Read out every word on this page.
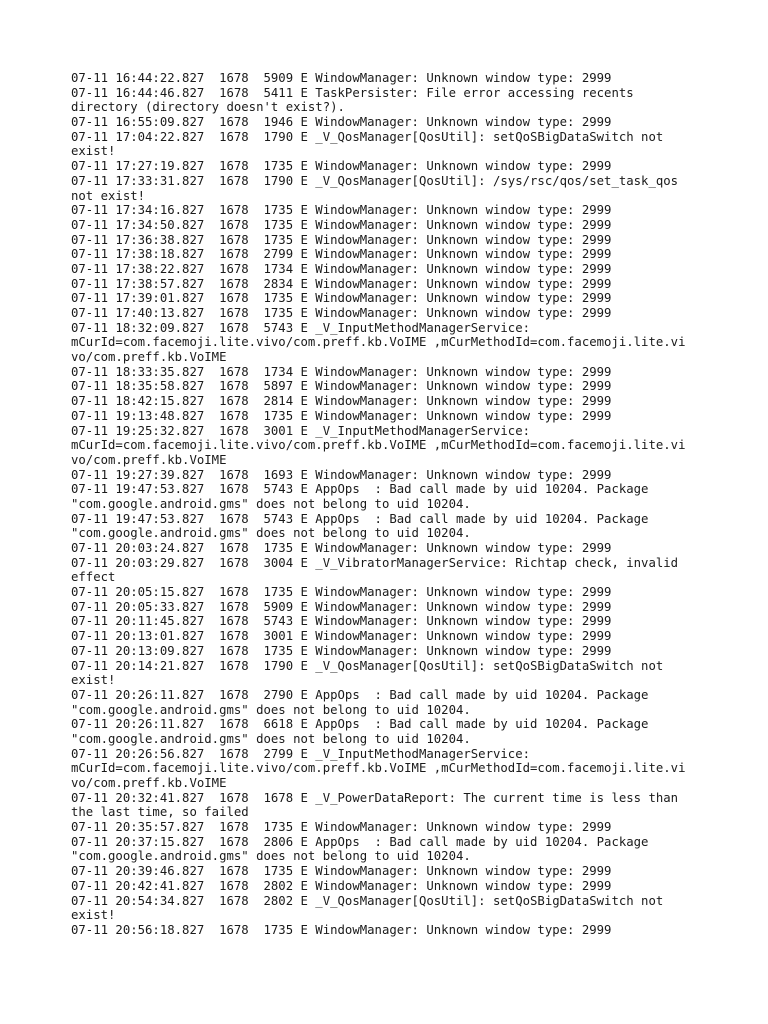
07-11 16:44:22.827  1678  5909 E WindowManager: Unknown window type: 2999
07-11 16:44:46.827  1678  5411 E TaskPersister: File error accessing recents
directory (directory doesn't exist?).
07-11 16:55:09.827  1678  1946 E WindowManager: Unknown window type: 2999
07-11 17:04:22.827  1678  1790 E _V_QosManager[QosUtil]: setQoSBigDataSwitch not
exist!
07-11 17:27:19.827  1678  1735 E WindowManager: Unknown window type: 2999
07-11 17:33:31.827  1678  1790 E _V_QosManager[QosUtil]: /sys/rsc/qos/set_task_qos
not exist!
07-11 17:34:16.827  1678  1735 E WindowManager: Unknown window type: 2999
07-11 17:34:50.827  1678  1735 E WindowManager: Unknown window type: 2999
07-11 17:36:38.827  1678  1735 E WindowManager: Unknown window type: 2999
07-11 17:38:18.827  1678  2799 E WindowManager: Unknown window type: 2999
07-11 17:38:22.827  1678  1734 E WindowManager: Unknown window type: 2999
07-11 17:38:57.827  1678  2834 E WindowManager: Unknown window type: 2999
07-11 17:39:01.827  1678  1735 E WindowManager: Unknown window type: 2999
07-11 17:40:13.827  1678  1735 E WindowManager: Unknown window type: 2999
07-11 18:32:09.827  1678  5743 E _V_InputMethodManagerService:
mCurId=com.facemoji.lite.vivo/com.preff.kb.VoIME ,mCurMethodId=com.facemoji.lite.vi
vo/com.preff.kb.VoIME
07-11 18:33:35.827  1678  1734 E WindowManager: Unknown window type: 2999
07-11 18:35:58.827  1678  5897 E WindowManager: Unknown window type: 2999
07-11 18:42:15.827  1678  2814 E WindowManager: Unknown window type: 2999
07-11 19:13:48.827  1678  1735 E WindowManager: Unknown window type: 2999
07-11 19:25:32.827  1678  3001 E _V_InputMethodManagerService:
mCurId=com.facemoji.lite.vivo/com.preff.kb.VoIME ,mCurMethodId=com.facemoji.lite.vi
vo/com.preff.kb.VoIME
07-11 19:27:39.827  1678  1693 E WindowManager: Unknown window type: 2999
07-11 19:47:53.827  1678  5743 E AppOps  : Bad call made by uid 10204. Package
"com.google.android.gms" does not belong to uid 10204.
07-11 19:47:53.827  1678  5743 E AppOps  : Bad call made by uid 10204. Package
"com.google.android.gms" does not belong to uid 10204.
07-11 20:03:24.827  1678  1735 E WindowManager: Unknown window type: 2999
07-11 20:03:29.827  1678  3004 E _V_VibratorManagerService: Richtap check, invalid
effect
07-11 20:05:15.827  1678  1735 E WindowManager: Unknown window type: 2999
07-11 20:05:33.827  1678  5909 E WindowManager: Unknown window type: 2999
07-11 20:11:45.827  1678  5743 E WindowManager: Unknown window type: 2999
07-11 20:13:01.827  1678  3001 E WindowManager: Unknown window type: 2999
07-11 20:13:09.827  1678  1735 E WindowManager: Unknown window type: 2999
07-11 20:14:21.827  1678  1790 E _V_QosManager[QosUtil]: setQoSBigDataSwitch not
exist!
07-11 20:26:11.827  1678  2790 E AppOps  : Bad call made by uid 10204. Package
"com.google.android.gms" does not belong to uid 10204.
07-11 20:26:11.827  1678  6618 E AppOps  : Bad call made by uid 10204. Package
"com.google.android.gms" does not belong to uid 10204.
07-11 20:26:56.827  1678  2799 E _V_InputMethodManagerService:
mCurId=com.facemoji.lite.vivo/com.preff.kb.VoIME ,mCurMethodId=com.facemoji.lite.vi
vo/com.preff.kb.VoIME
07-11 20:32:41.827  1678  1678 E _V_PowerDataReport: The current time is less than
the last time, so failed
07-11 20:35:57.827  1678  1735 E WindowManager: Unknown window type: 2999
07-11 20:37:15.827  1678  2806 E AppOps  : Bad call made by uid 10204. Package
"com.google.android.gms" does not belong to uid 10204.
07-11 20:39:46.827  1678  1735 E WindowManager: Unknown window type: 2999
07-11 20:42:41.827  1678  2802 E WindowManager: Unknown window type: 2999
07-11 20:54:34.827  1678  2802 E _V_QosManager[QosUtil]: setQoSBigDataSwitch not
exist!
07-11 20:56:18.827  1678  1735 E WindowManager: Unknown window type: 2999
